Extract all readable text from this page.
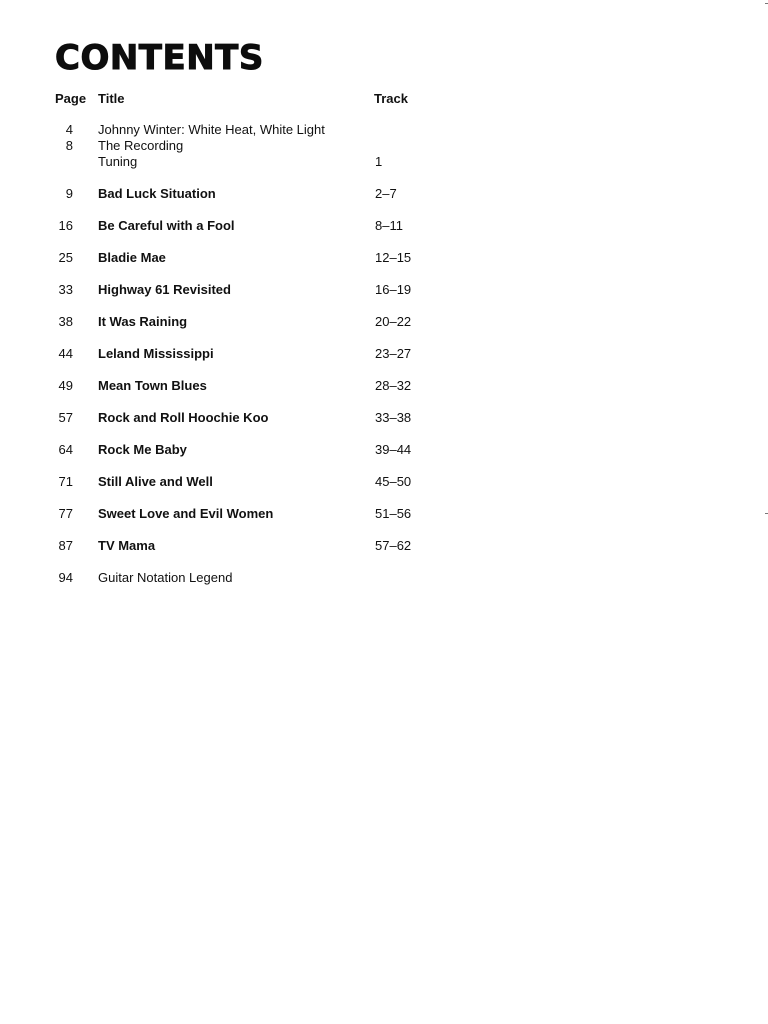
CONTENTS
Page Title	Track
4 Johnny Winter: White Heat, White Light
8 The Recording
Tuning	1
9 Bad Luck Situation	2–7
16 Be Careful with a Fool	8–11
25 Bladie Mae	12–15
33 Highway 61 Revisited	16–19
38 It Was Raining	20–22
44 Leland Mississippi	23–27
49 Mean Town Blues	28–32
57 Rock and Roll Hoochie Koo	33–38
64 Rock Me Baby	39–44
71 Still Alive and Well	45–50
77 Sweet Love and Evil Women	51–56
87 TV Mama	57–62
94 Guitar Notation Legend
